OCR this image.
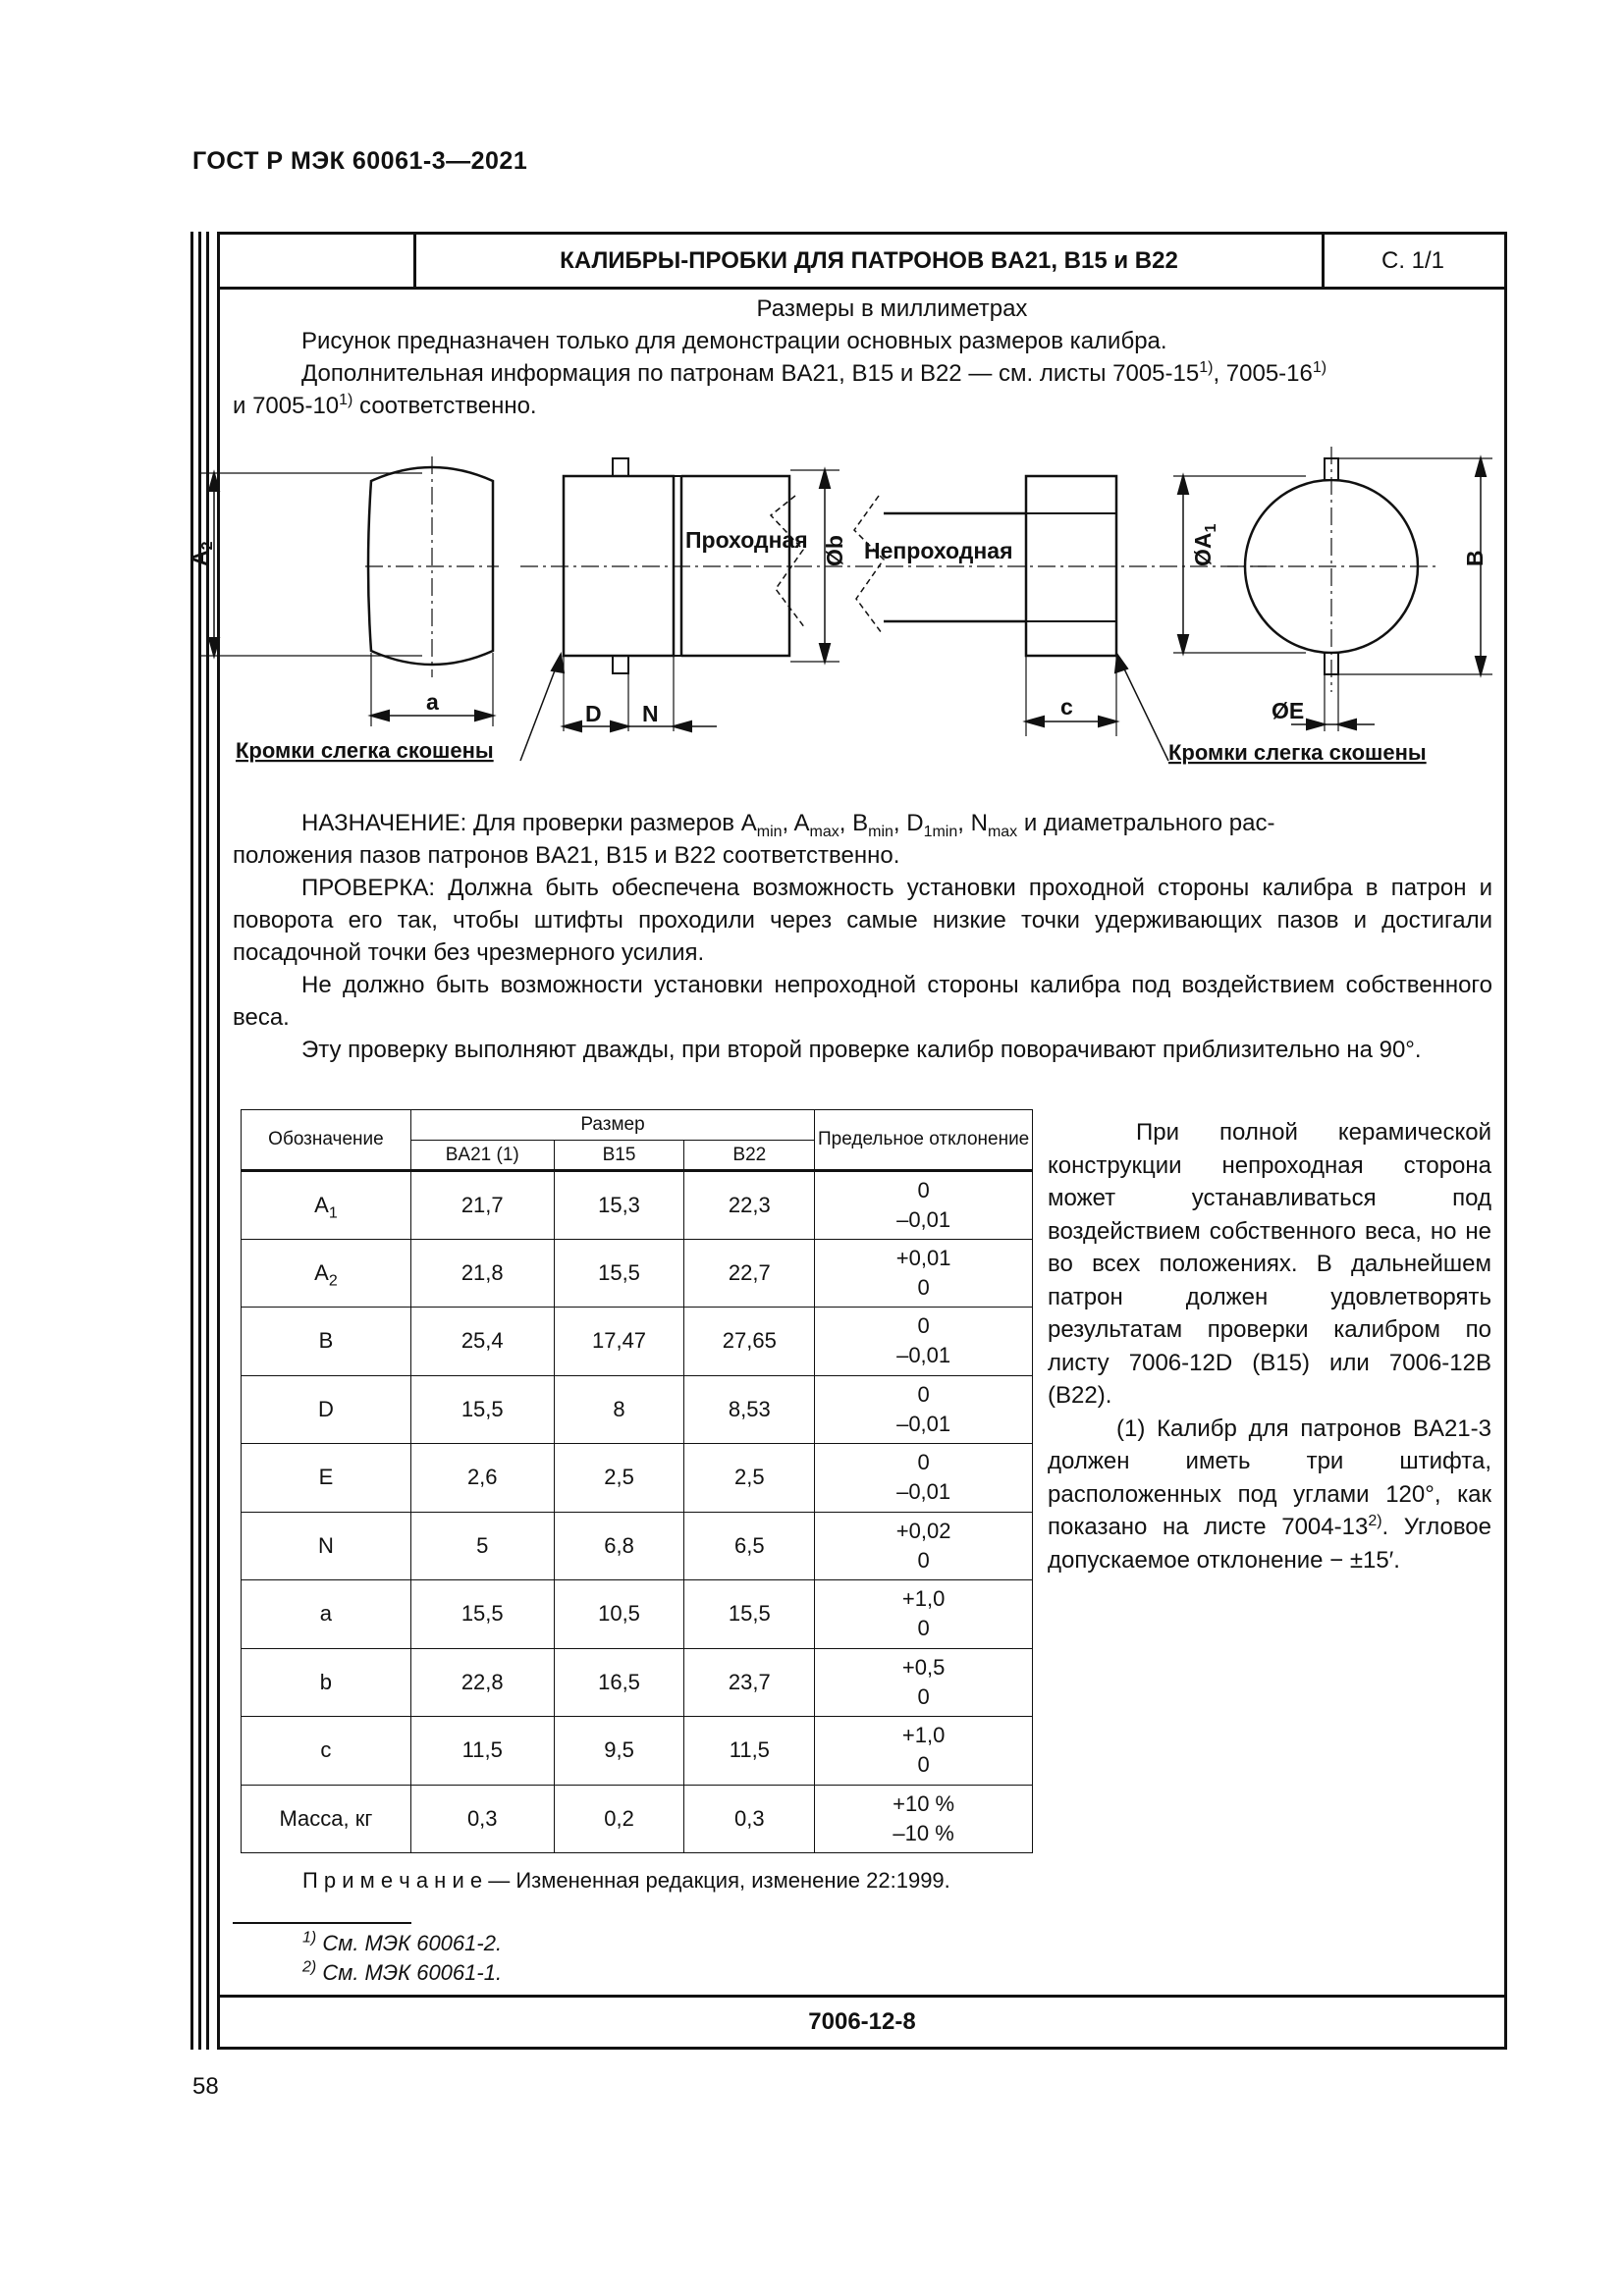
ГОСТ Р МЭК 60061-3—2021
КАЛИБРЫ-ПРОБКИ ДЛЯ ПАТРОНОВ BA21, B15 и B22	С. 1/1
7006-12-8
Размеры в миллиметрах
Рисунок предназначен только для демонстрации основных размеров калибра.
Дополнительная информация по патронам BA21, B15 и B22 — см. листы 7005-15$^{1)}$, 7005-16$^{1)}$
и 7005-10$^{1)}$ соответственно.
$A_2$
a	D N
Проходная Øb Непроходная
c
$ØA_1$
B
ØE
Кромки слегка скошены	Кромки слегка скошены

НАЗНАЧЕНИЕ: Для проверки размеров $A_{min}$, $A_{max}$, $B_{min}$, $D_{1min}$, $N_{max}$ и диаметрального рас-
положения пазов патронов BA21, B15 и B22 соответственно.

ПРОВЕРКА: Должна быть обеспечена возможность установки проходной стороны калибра в патрон и поворота его так, чтобы штифты проходили через самые низкие точки удерживающих пазов и достигали посадочной точки без чрезмерного усилия.

Не должно быть возможности установки непроходной стороны калибра под воздействием собственного веса.

Эту проверку выполняют дважды, при второй проверке калибр поворачивают приблизительно на 90°.

Обозначение	Размер			Предельное отклонение
	BA21 (1)	B15	B22	
$A_1$	21,7	15,3	22,3	0
–0,01

$A_2$	21,8	15,5	22,7	+0,01
0

B	25,4	17,47	27,65	0
–0,01

D	15,5	8	8,53	0
–0,01

E	2,6	2,5	2,5	0
–0,01

N	5	6,8	6,5	+0,02
0

a	15,5	10,5	15,5	+1,0
0

b	22,8	16,5	23,7	+0,5
0

c	11,5	9,5	11,5	+1,0
0

Масса, кг	0,3	0,2	0,3	+10 %
–10 %
П р и м е ч а н и е — Измененная редакция, изменение 22:1999.

При полной керамической конструкции непроходная сторона может устанавливаться под воздействием собственного веса, но не во всех положениях. В дальнейшем патрон должен удовлетворять результатам проверки калибром по листу 7006-12D (B15) или 7006-12B (B22).

(1) Калибр для патронов BA21-3 должен иметь три штифта, расположенных под углами 120°, как показано на листе 7004-13$^{2)}$. Угловое допускаемое отклонение − ±15′.

$^{1)}$ См. МЭК 60061-2.
$^{2)}$ См. МЭК 60061-1.
58
